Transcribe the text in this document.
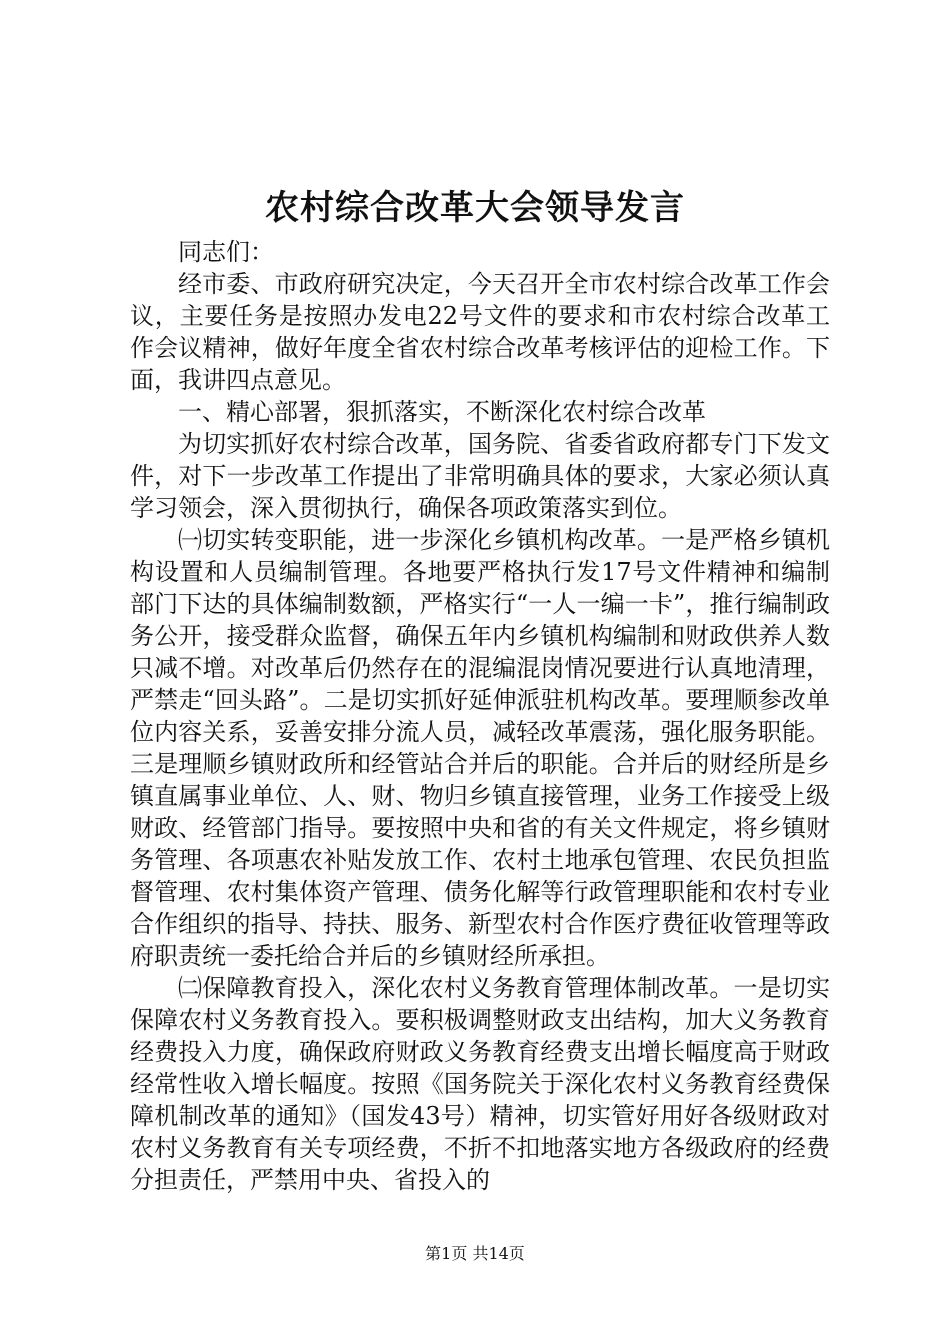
农村综合改革大会领导发言

同志们：

经市委、市政府研究决定，今天召开全市农村综合改革工作会议，主要任务是按照办发电22号文件的要求和市农村综合改革工作会议精神，做好年度全省农村综合改革考核评估的迎检工作。下面，我讲四点意见。

一、精心部署，狠抓落实，不断深化农村综合改革

为切实抓好农村综合改革，国务院、省委省政府都专门下发文件，对下一步改革工作提出了非常明确具体的要求，大家必须认真学习领会，深入贯彻执行，确保各项政策落实到位。

㈠切实转变职能，进一步深化乡镇机构改革。一是严格乡镇机构设置和人员编制管理。各地要严格执行发17号文件精神和编制部门下达的具体编制数额，严格实行“一人一编一卡”，推行编制政务公开，接受群众监督，确保五年内乡镇机构编制和财政供养人数只减不增。对改革后仍然存在的混编混岗情况要进行认真地清理，严禁走“回头路”。二是切实抓好延伸派驻机构改革。要理顺参改单位内容关系，妥善安排分流人员，减轻改革震荡，强化服务职能。三是理顺乡镇财政所和经管站合并后的职能。合并后的财经所是乡镇直属事业单位、人、财、物归乡镇直接管理，业务工作接受上级财政、经管部门指导。要按照中央和省的有关文件规定，将乡镇财务管理、各项惠农补贴发放工作、农村土地承包管理、农民负担监督管理、农村集体资产管理、债务化解等行政管理职能和农村专业合作组织的指导、持扶、服务、新型农村合作医疗费征收管理等政府职责统一委托给合并后的乡镇财经所承担。

㈡保障教育投入，深化农村义务教育管理体制改革。一是切实保障农村义务教育投入。要积极调整财政支出结构，加大义务教育经费投入力度，确保政府财政义务教育经费支出增长幅度高于财政经常性收入增长幅度。按照《国务院关于深化农村义务教育经费保障机制改革的通知》（国发43号）精神，切实管好用好各级财政对农村义务教育有关专项经费，不折不扣地落实地方各级政府的经费分担责任，严禁用中央、省投入的

第1页 共14页
